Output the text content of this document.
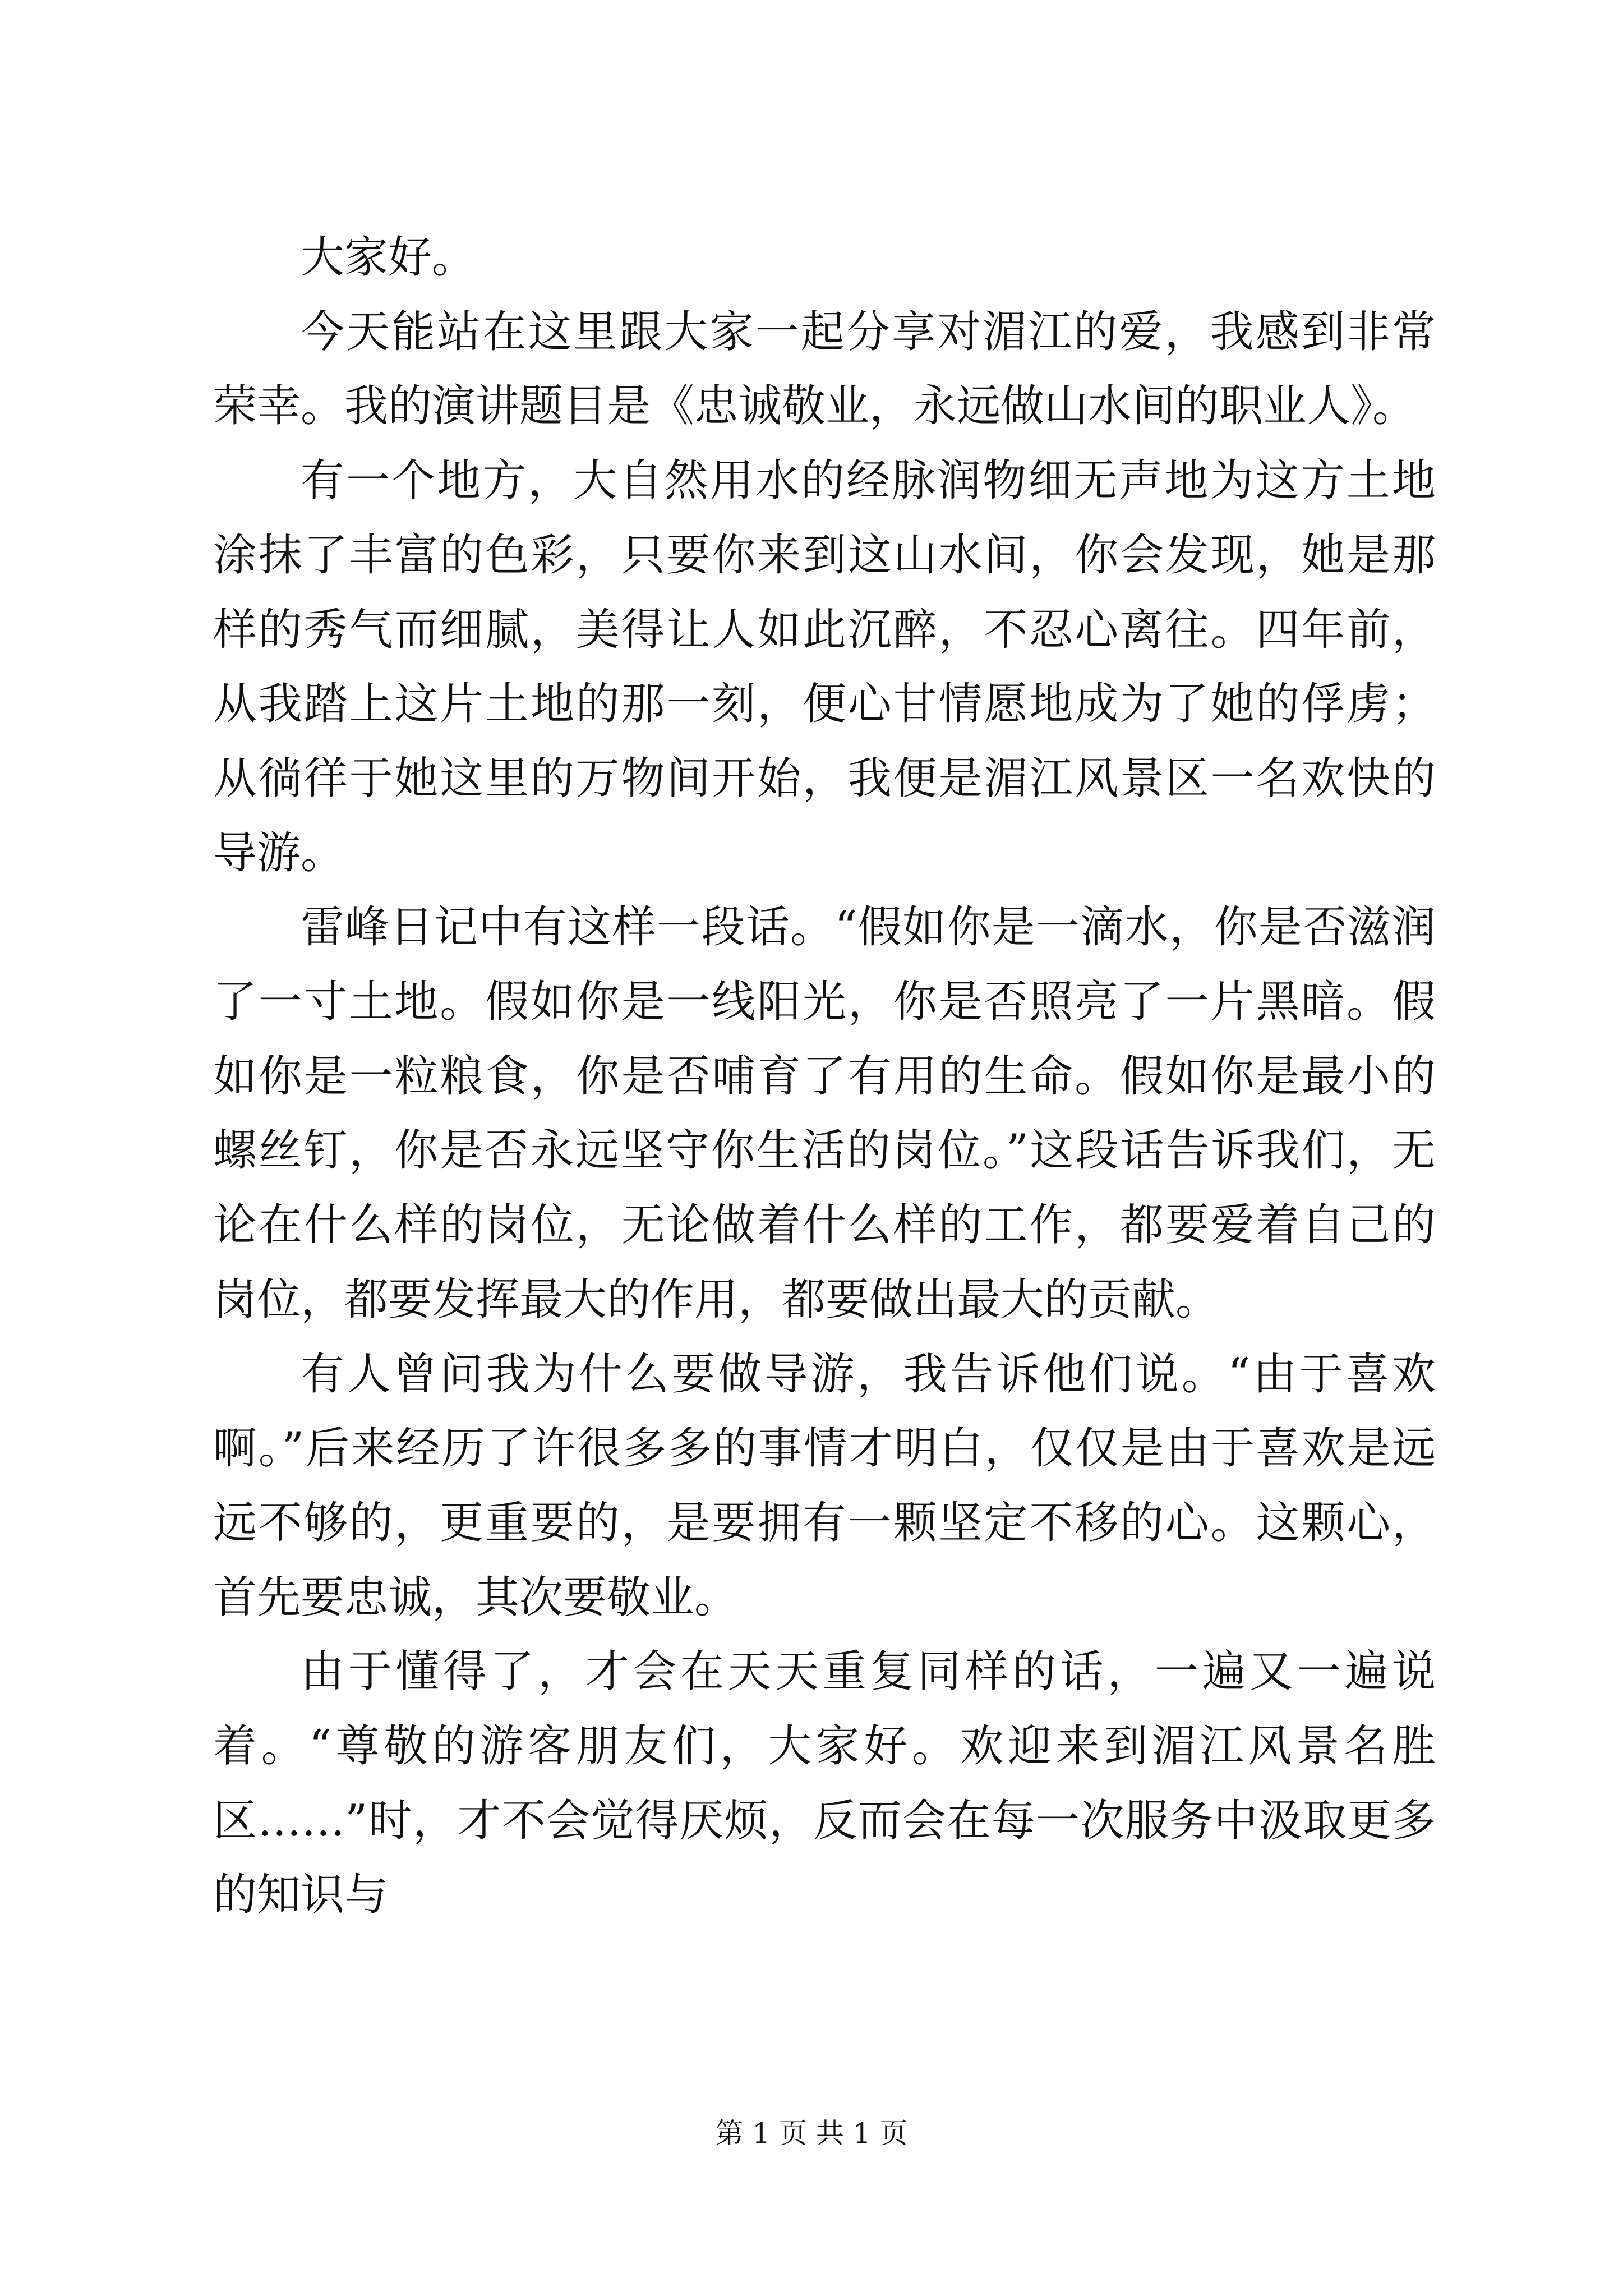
大家好。

今天能站在这里跟大家一起分享对湄江的爱，我感到非常荣幸。我的演讲题目是《忠诚敬业，永远做山水间的职业人》。

有一个地方，大自然用水的经脉润物细无声地为这方土地涂抹了丰富的色彩，只要你来到这山水间，你会发现，她是那样的秀气而细腻，美得让人如此沉醉，不忍心离往。四年前，从我踏上这片土地的那一刻，便心甘情愿地成为了她的俘虏；从徜徉于她这里的万物间开始，我便是湄江风景区一名欢快的导游。

雷峰日记中有这样一段话。“假如你是一滴水，你是否滋润了一寸土地。假如你是一线阳光，你是否照亮了一片黑暗。假如你是一粒粮食，你是否哺育了有用的生命。假如你是最小的螺丝钉，你是否永远坚守你生活的岗位。”这段话告诉我们，无论在什么样的岗位，无论做着什么样的工作，都要爱着自己的岗位，都要发挥最大的作用，都要做出最大的贡献。

有人曾问我为什么要做导游，我告诉他们说。“由于喜欢啊。”后来经历了许很多多的事情才明白，仅仅是由于喜欢是远远不够的，更重要的，是要拥有一颗坚定不移的心。这颗心，首先要忠诚，其次要敬业。

由于懂得了，才会在天天重复同样的话，一遍又一遍说着。“尊敬的游客朋友们，大家好。欢迎来到湄江风景名胜区……”时，才不会觉得厌烦，反而会在每一次服务中汲取更多的知识与

第 1 页 共 1 页
